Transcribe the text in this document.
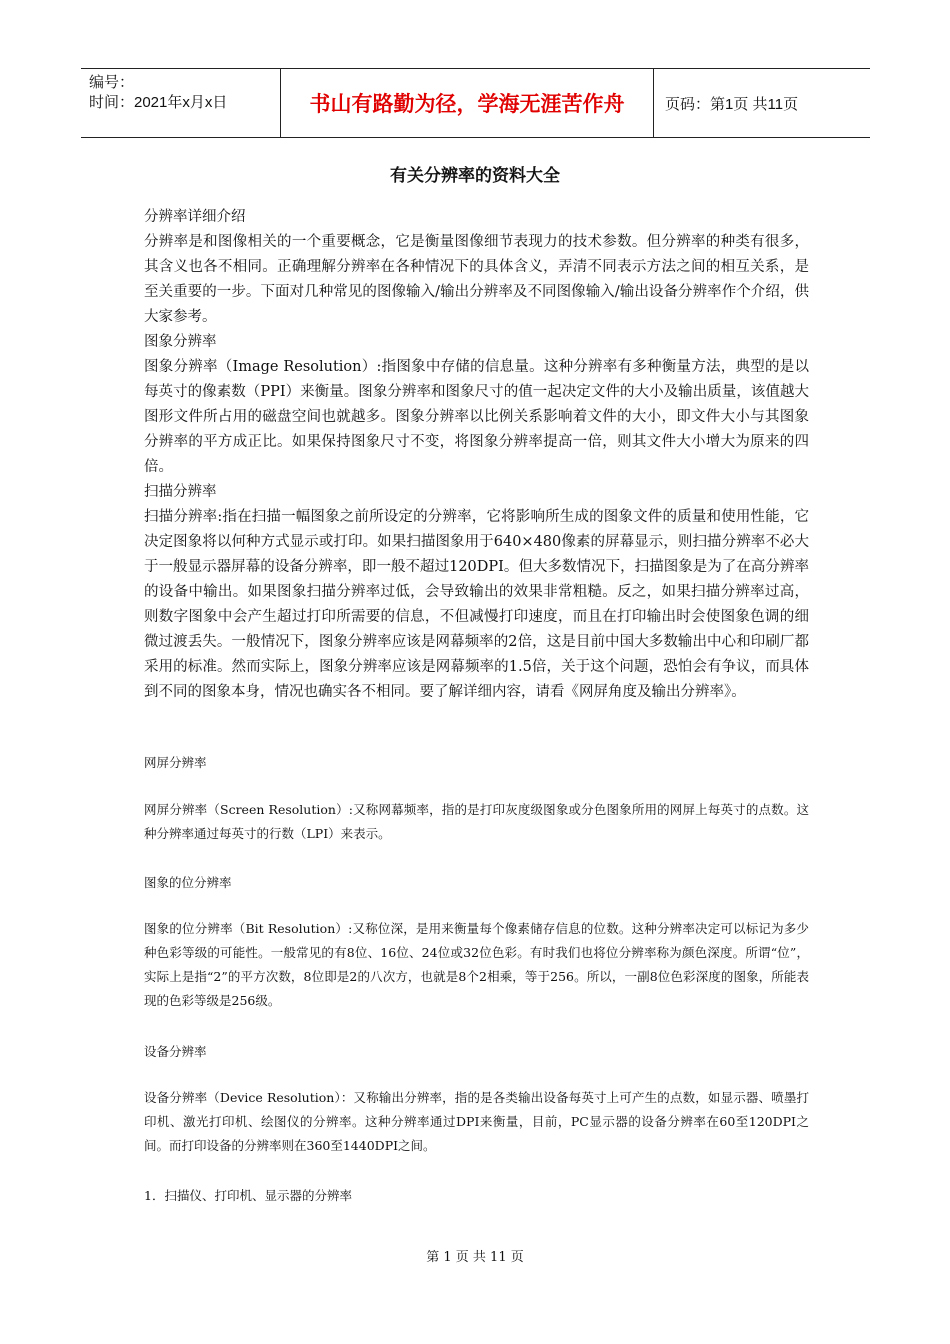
编号：
时间：2021年x月x日	书山有路勤为径，学海无涯苦作舟	页码：第1页 共11页
有关分辨率的资料大全

分辨率详细介绍

分辨率是和图像相关的一个重要概念，它是衡量图像细节表现力的技术参数。但分辨率的种类有很多，其含义也各不相同。正确理解分辨率在各种情况下的具体含义，弄清不同表示方法之间的相互关系，是至关重要的一步。下面对几种常见的图像输入/输出分辨率及不同图像输入/输出设备分辨率作个介绍，供大家参考。

图象分辨率

图象分辨率（Image Resolution）:指图象中存储的信息量。这种分辨率有多种衡量方法，典型的是以每英寸的像素数（PPI）来衡量。图象分辨率和图象尺寸的值一起决定文件的大小及输出质量，该值越大图形文件所占用的磁盘空间也就越多。图象分辨率以比例关系影响着文件的大小，即文件大小与其图象分辨率的平方成正比。如果保持图象尺寸不变，将图象分辨率提高一倍，则其文件大小增大为原来的四倍。

扫描分辨率

扫描分辨率:指在扫描一幅图象之前所设定的分辨率，它将影响所生成的图象文件的质量和使用性能，它决定图象将以何种方式显示或打印。如果扫描图象用于640×480像素的屏幕显示，则扫描分辨率不必大于一般显示器屏幕的设备分辨率，即一般不超过120DPI。但大多数情况下，扫描图象是为了在高分辨率的设备中输出。如果图象扫描分辨率过低，会导致输出的效果非常粗糙。反之，如果扫描分辨率过高，则数字图象中会产生超过打印所需要的信息，不但减慢打印速度，而且在打印输出时会使图象色调的细微过渡丢失。一般情况下，图象分辨率应该是网幕频率的2倍，这是目前中国大多数输出中心和印刷厂都采用的标准。然而实际上，图象分辨率应该是网幕频率的1.5倍，关于这个问题，恐怕会有争议，而具体到不同的图象本身，情况也确实各不相同。要了解详细内容，请看《网屏角度及输出分辨率》。

网屏分辨率

网屏分辨率（Screen Resolution）:又称网幕频率，指的是打印灰度级图象或分色图象所用的网屏上每英寸的点数。这种分辨率通过每英寸的行数（LPI）来表示。

图象的位分辨率

图象的位分辨率（Bit Resolution）:又称位深，是用来衡量每个像素储存信息的位数。这种分辨率决定可以标记为多少种色彩等级的可能性。一般常见的有8位、16位、24位或32位色彩。有时我们也将位分辨率称为颜色深度。所谓“位”，实际上是指“2”的平方次数，8位即是2的八次方，也就是8个2相乘，等于256。所以，一副8位色彩深度的图象，所能表现的色彩等级是256级。

设备分辨率

设备分辨率（Device Resolution）：又称输出分辨率，指的是各类输出设备每英寸上可产生的点数，如显示器、喷墨打印机、激光打印机、绘图仪的分辨率。这种分辨率通过DPI来衡量，目前，PC显示器的设备分辨率在60至120DPI之间。而打印设备的分辨率则在360至1440DPI之间。

1．扫描仪、打印机、显示器的分辨率

第 1 页 共 11 页
